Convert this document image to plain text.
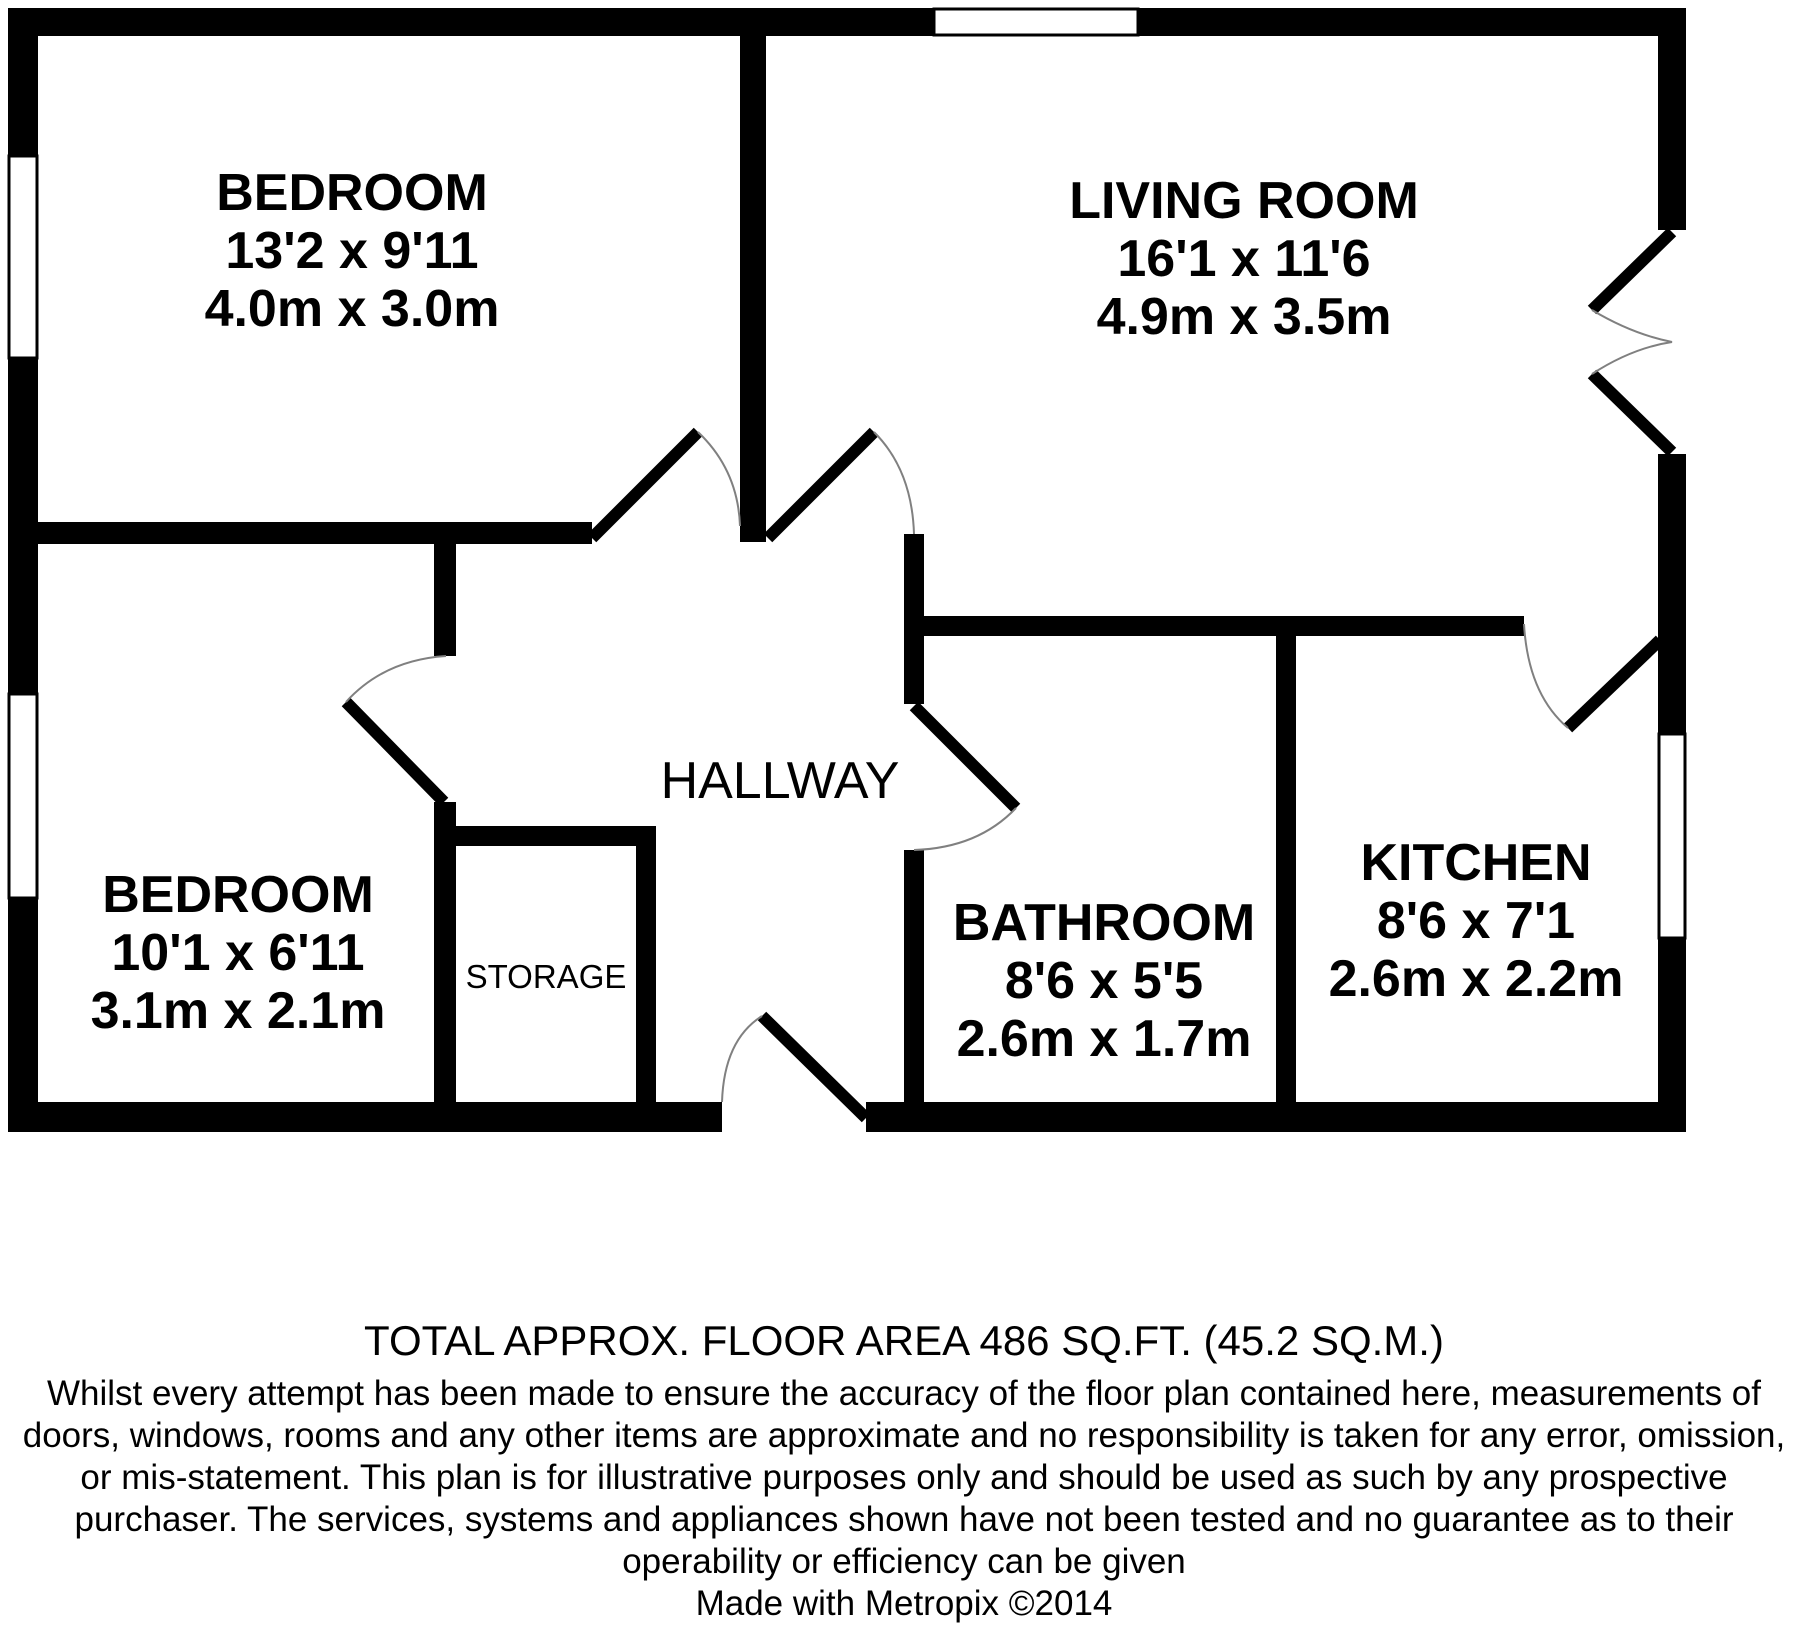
BEDROOM
13'2 x 9'11
4.0m x 3.0m
LIVING ROOM
16'1 x 11'6
4.9m x 3.5m
BEDROOM
10'1 x 6'11
3.1m x 2.1m
HALLWAY
STORAGE
BATHROOM
8'6 x 5'5
2.6m x 1.7m
KITCHEN
8'6 x 7'1
2.6m x 2.2m

TOTAL APPROX. FLOOR AREA 486 SQ.FT. (45.2 SQ.M.)

Whilst every attempt has been made to ensure the accuracy of the floor plan contained here, measurements of doors, windows, rooms and any other items are approximate and no responsibility is taken for any error, omission, or mis-statement. This plan is for illustrative purposes only and should be used as such by any prospective purchaser. The services, systems and appliances shown have not been tested and no guarantee as to their operability or efficiency can be given

Made with Metropix ©2014
